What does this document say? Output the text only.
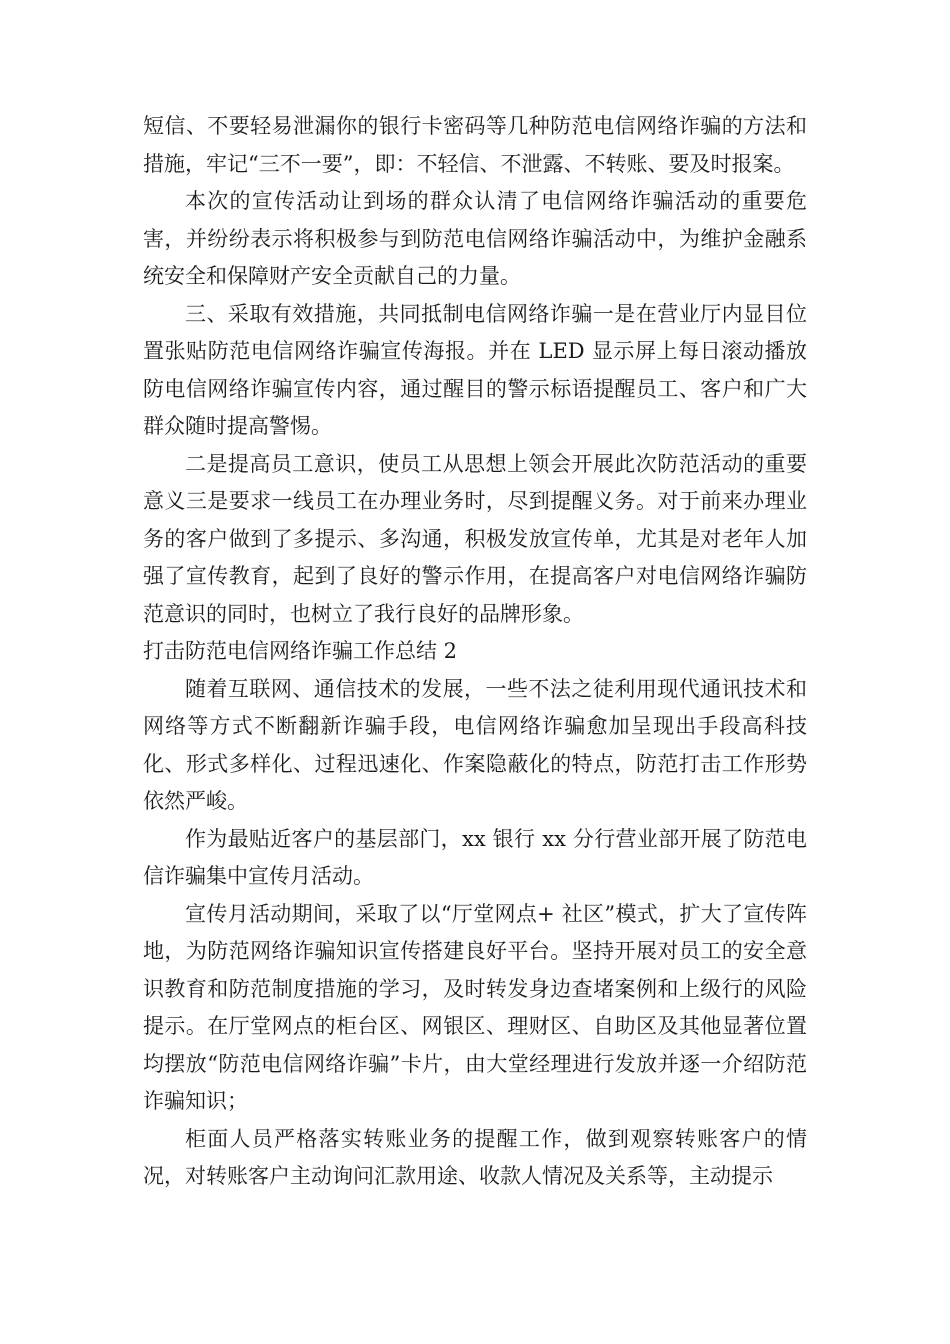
短信、不要轻易泄漏你的银行卡密码等几种防范电信网络诈骗的方法和措施，牢记“三不一要”，即：不轻信、不泄露、不转账、要及时报案。

本次的宣传活动让到场的群众认清了电信网络诈骗活动的重要危害，并纷纷表示将积极参与到防范电信网络诈骗活动中，为维护金融系统安全和保障财产安全贡献自己的力量。

三、采取有效措施，共同抵制电信网络诈骗一是在营业厅内显目位置张贴防范电信网络诈骗宣传海报。并在 LED 显示屏上每日滚动播放防电信网络诈骗宣传内容，通过醒目的警示标语提醒员工、客户和广大群众随时提高警惕。

二是提高员工意识，使员工从思想上领会开展此次防范活动的重要意义三是要求一线员工在办理业务时，尽到提醒义务。对于前来办理业务的客户做到了多提示、多沟通，积极发放宣传单，尤其是对老年人加强了宣传教育，起到了良好的警示作用，在提高客户对电信网络诈骗防范意识的同时，也树立了我行良好的品牌形象。

打击防范电信网络诈骗工作总结 2

随着互联网、通信技术的发展，一些不法之徒利用现代通讯技术和网络等方式不断翻新诈骗手段，电信网络诈骗愈加呈现出手段高科技化、形式多样化、过程迅速化、作案隐蔽化的特点，防范打击工作形势依然严峻。

作为最贴近客户的基层部门，xx 银行 xx 分行营业部开展了防范电信诈骗集中宣传月活动。

宣传月活动期间，采取了以“厅堂网点+ 社区”模式，扩大了宣传阵地，为防范网络诈骗知识宣传搭建良好平台。坚持开展对员工的安全意识教育和防范制度措施的学习，及时转发身边查堵案例和上级行的风险提示。在厅堂网点的柜台区、网银区、理财区、自助区及其他显著位置均摆放“防范电信网络诈骗”卡片，由大堂经理进行发放并逐一介绍防范诈骗知识；

柜面人员严格落实转账业务的提醒工作，做到观察转账客户的情况，对转账客户主动询问汇款用途、收款人情况及关系等，主动提示
